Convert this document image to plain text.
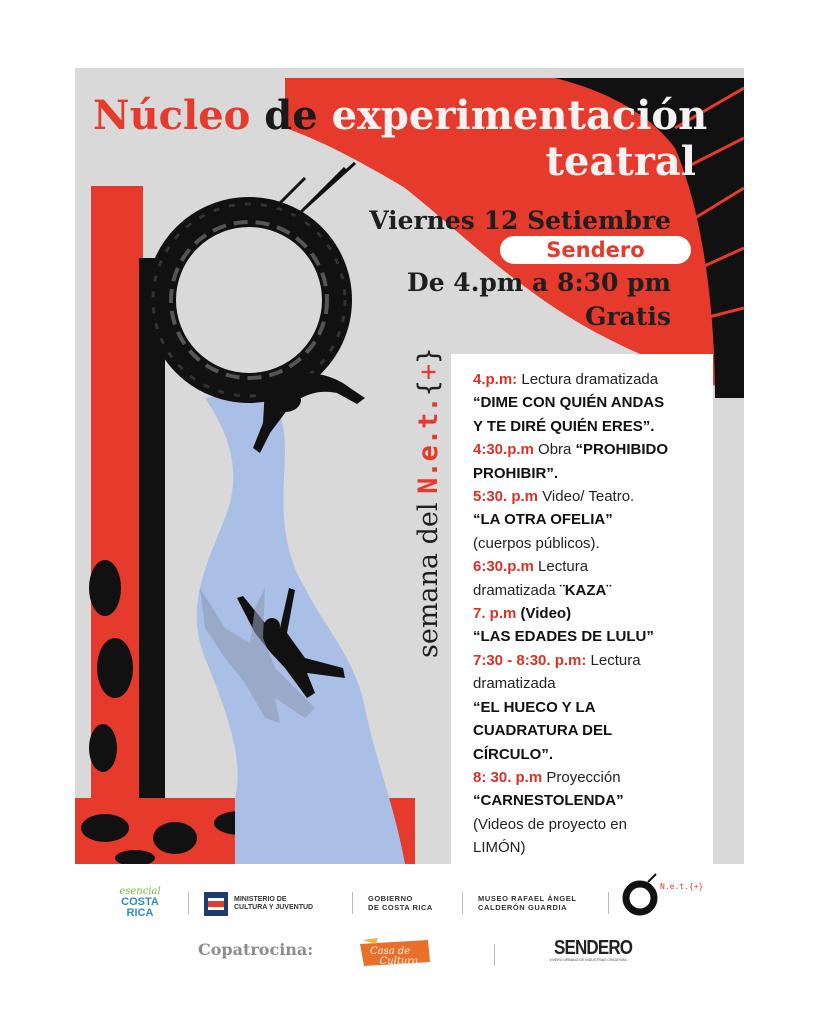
Núcleo de experimentación
teatral
Viernes 12 Setiembre
Sendero
De 4.pm a 8:30 pm
Gratis
semana del N.e.t.{+}
4.p.m: Lectura dramatizada
“DIME CON QUIÉN ANDAS
Y TE DIRÉ QUIÉN ERES”.
4:30.p.m Obra “PROHIBIDO
PROHIBIR”.
5:30. p.m Video/ Teatro.
“LA OTRA OFELIA”
(cuerpos públicos).
6:30.p.m Lectura
dramatizada ¨KAZA¨
7. p.m (Video)
“LAS EDADES DE LULU”
7:30 - 8:30. p.m: Lectura
dramatizada
“EL HUECO Y LA
CUADRATURA DEL
CÍRCULO”.
8: 30. p.m Proyección
“CARNESTOLENDA”
(Videos de proyecto en
LIMÓN)
esencial
COSTA
RICA
MINISTERIO DE
CULTURA Y JUVENTUD
GOBIERNO
DE COSTA RICA
MUSEO RAFAEL ÁNGEL
CALDERÓN GUARDIA
N.e.t.{+}
Copatrocina:	Casa de
Cultura
SENDERO
VIVERO URBANO DE INDUSTRIAS CREATIVAS
